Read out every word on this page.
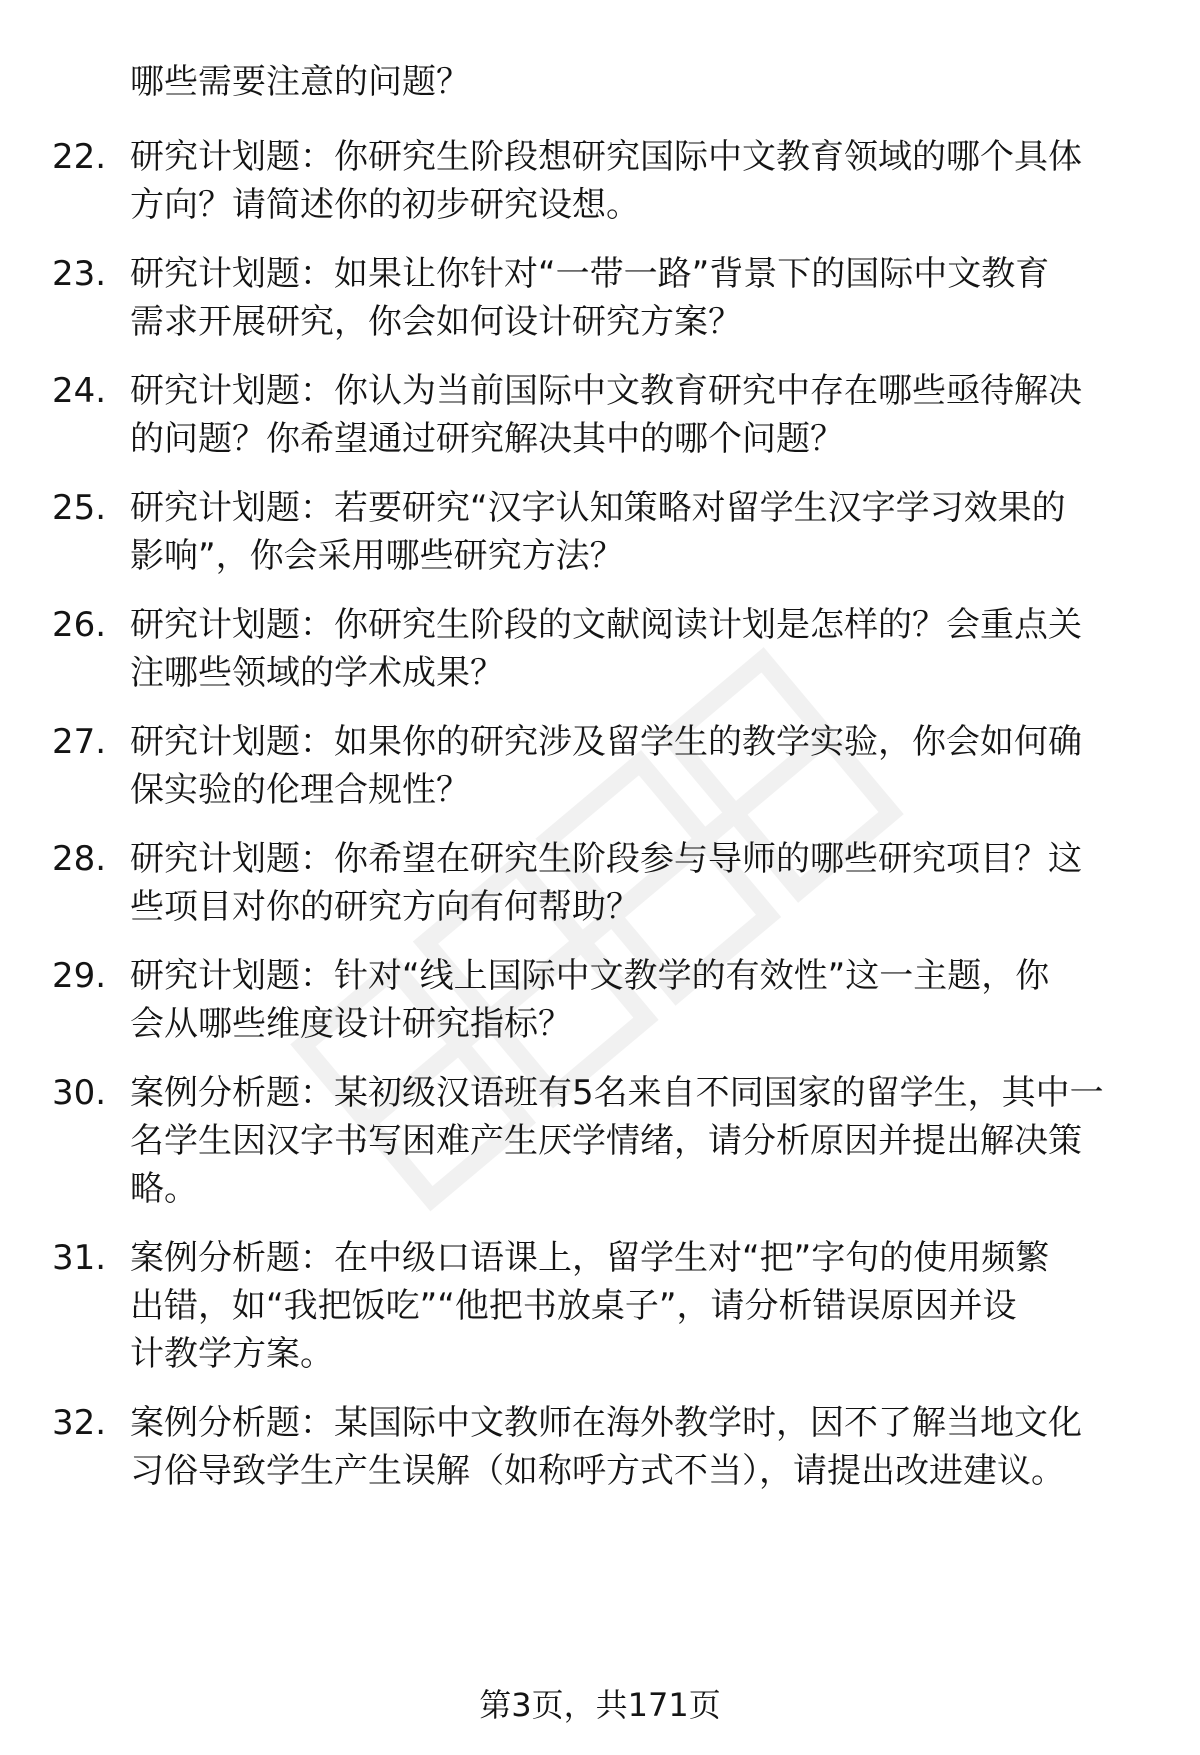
哪些需要注意的问题？
22. 研究计划题：你研究生阶段想研究国际中文教育领域的哪个具体
方向？请简述你的初步研究设想。
23. 研究计划题：如果让你针对“一带一路”背景下的国际中文教育
需求开展研究，你会如何设计研究方案？
24. 研究计划题：你认为当前国际中文教育研究中存在哪些亟待解决
的问题？你希望通过研究解决其中的哪个问题？
25. 研究计划题：若要研究“汉字认知策略对留学生汉字学习效果的
影响”，你会采用哪些研究方法？
26. 研究计划题：你研究生阶段的文献阅读计划是怎样的？会重点关
注哪些领域的学术成果？
27. 研究计划题：如果你的研究涉及留学生的教学实验，你会如何确
保实验的伦理合规性？
28. 研究计划题：你希望在研究生阶段参与导师的哪些研究项目？这
些项目对你的研究方向有何帮助？
29. 研究计划题：针对“线上国际中文教学的有效性”这一主题，你
会从哪些维度设计研究指标？
30. 案例分析题：某初级汉语班有5名来自不同国家的留学生，其中一
名学生因汉字书写困难产生厌学情绪，请分析原因并提出解决策
略。
31. 案例分析题：在中级口语课上，留学生对“把”字句的使用频繁
出错，如“我把饭吃”“他把书放桌子”，请分析错误原因并设
计教学方案。
32. 案例分析题：某国际中文教师在海外教学时，因不了解当地文化
习俗导致学生产生误解（如称呼方式不当），请提出改进建议。
第3页，共171页
